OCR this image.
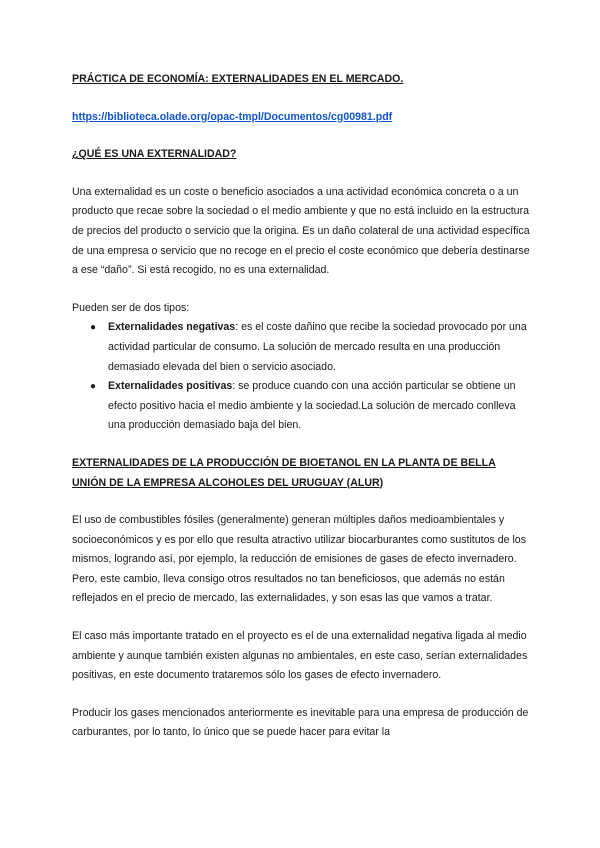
PRÁCTICA DE ECONOMÍA: EXTERNALIDADES EN EL MERCADO.

https://biblioteca.olade.org/opac-tmpl/Documentos/cg00981.pdf

¿QUÉ ES UNA EXTERNALIDAD?

Una externalidad es un coste o beneficio asociados a una actividad económica concreta o a un producto que recae sobre la sociedad o el medio ambiente y que no está incluido en la estructura de precios del producto o servicio que la origina. Es un daño colateral de una actividad específica de una empresa o servicio que no recoge en el precio el coste económico que debería destinarse a ese “daño”. Si está recogido, no es una externalidad.

Pueden ser de dos tipos:

● Externalidades negativas: es el coste dañino que recibe la sociedad provocado por una actividad particular de consumo. La solución de mercado resulta en una producción demasiado elevada del bien o servicio asociado.
● Externalidades positivas: se produce cuando con una acción particular se obtiene un efecto positivo hacia el medio ambiente y la sociedad.La solución de mercado conlleva una producción demasiado baja del bien.

EXTERNALIDADES DE LA PRODUCCIÓN DE BIOETANOL EN LA PLANTA DE BELLA UNIÓN DE LA EMPRESA ALCOHOLES DEL URUGUAY (ALUR)

El uso de combustibles fósiles (generalmente) generan múltiples daños medioambientales y socioeconómicos y es por ello que resulta atractivo utilizar biocarburantes como sustitutos de los mismos, logrando así, por ejemplo, la reducción de emisiones de gases de efecto invernadero. Pero, este cambio, lleva consigo otros resultados no tan beneficiosos, que además no están reflejados en el precio de mercado, las externalidades, y son esas las que vamos a tratar.

El caso más importante tratado en el proyecto es el de una externalidad negativa ligada al medio ambiente y aunque también existen algunas no ambientales, en este caso, serían externalidades positivas, en este documento trataremos sólo los gases de efecto invernadero.

Producir los gases mencionados anteriormente es inevitable para una empresa de producción de carburantes, por lo tanto, lo único que se puede hacer para evitar la
